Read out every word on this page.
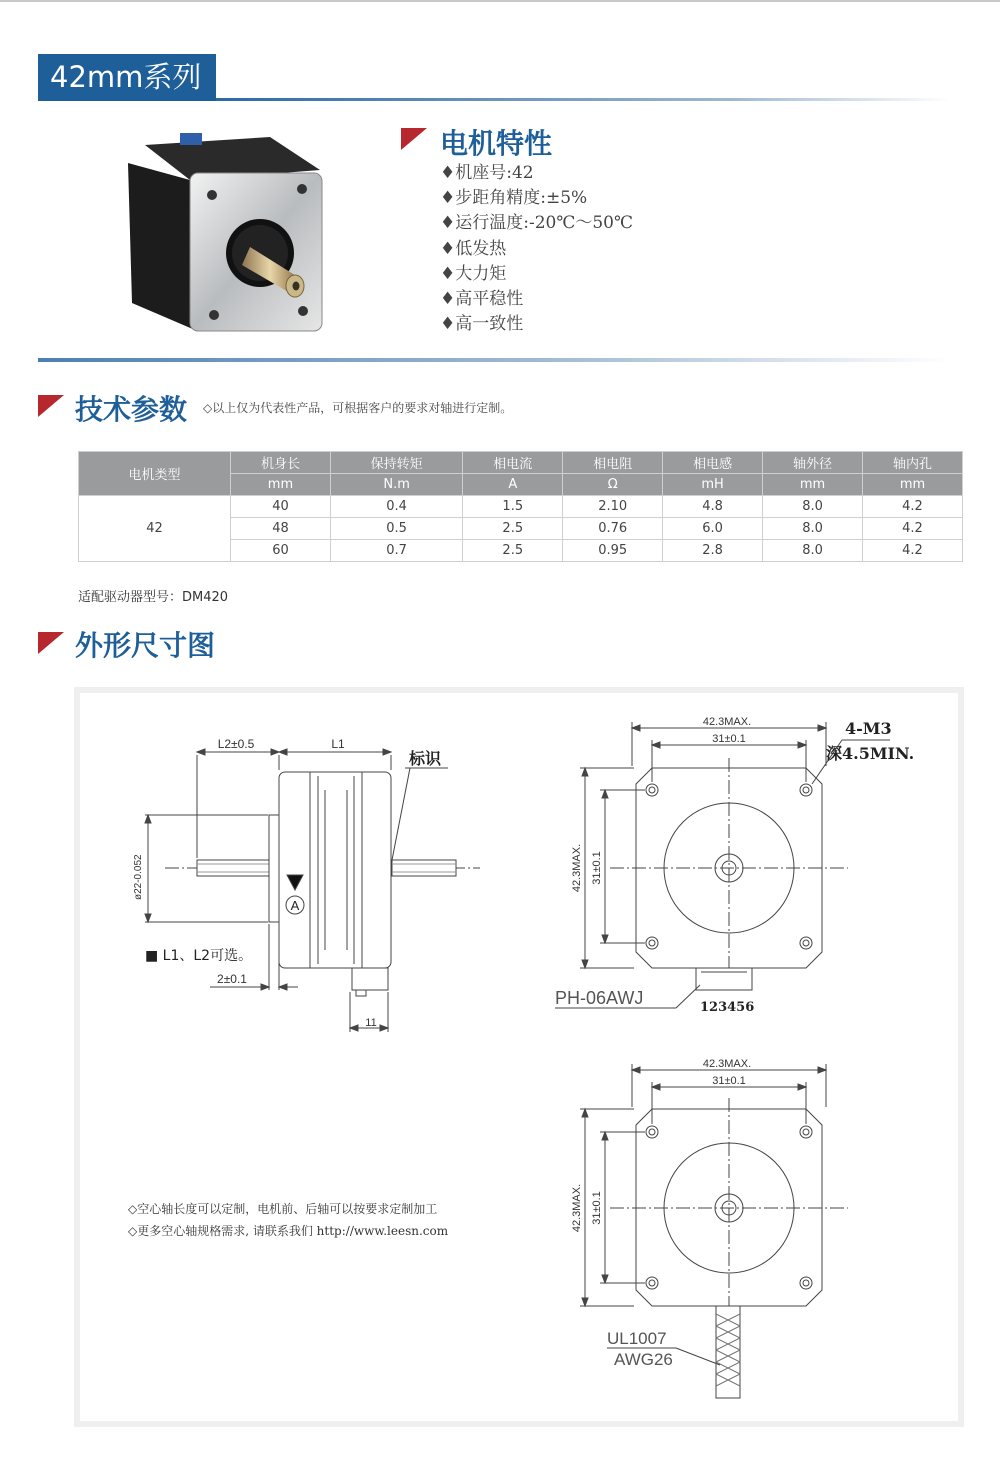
42mm系列
电机特性
♦机座号:42
♦步距角精度:±5%
♦运行温度:-20℃～50℃
♦低发热
♦大力矩
♦高平稳性
♦高一致性
技术参数 ◇以上仅为代表性产品，可根据客户的要求对轴进行定制。
电机类型	机身长	保持转矩	相电流	相电阻	相电感	轴外径	轴内孔
	mm	N.m	A	Ω	mH	mm	mm
42	40	0.4	1.5	2.10	4.8	8.0	4.2
	48	0.5	2.5	0.76	6.0	8.0	4.2
	60	0.7	2.5	0.95	2.8	8.0	4.2
适配驱动器型号：DM420
外形尺寸图
L2±0.5	L1
标识
ø22-0.052
A
■ L1、L2可选。
2±0.1
11
42.3MAX.
31±0.1
4-M3
深4.5MIN.
42.3MAX. 31±0.1
PH-06AWJ	123456
42.3MAX.
31±0.1
42.3MAX. 31±0.1
UL1007
AWG26
◇空心轴长度可以定制，电机前、后轴可以按要求定制加工
◇更多空心轴规格需求, 请联系我们 http://www.leesn.com
